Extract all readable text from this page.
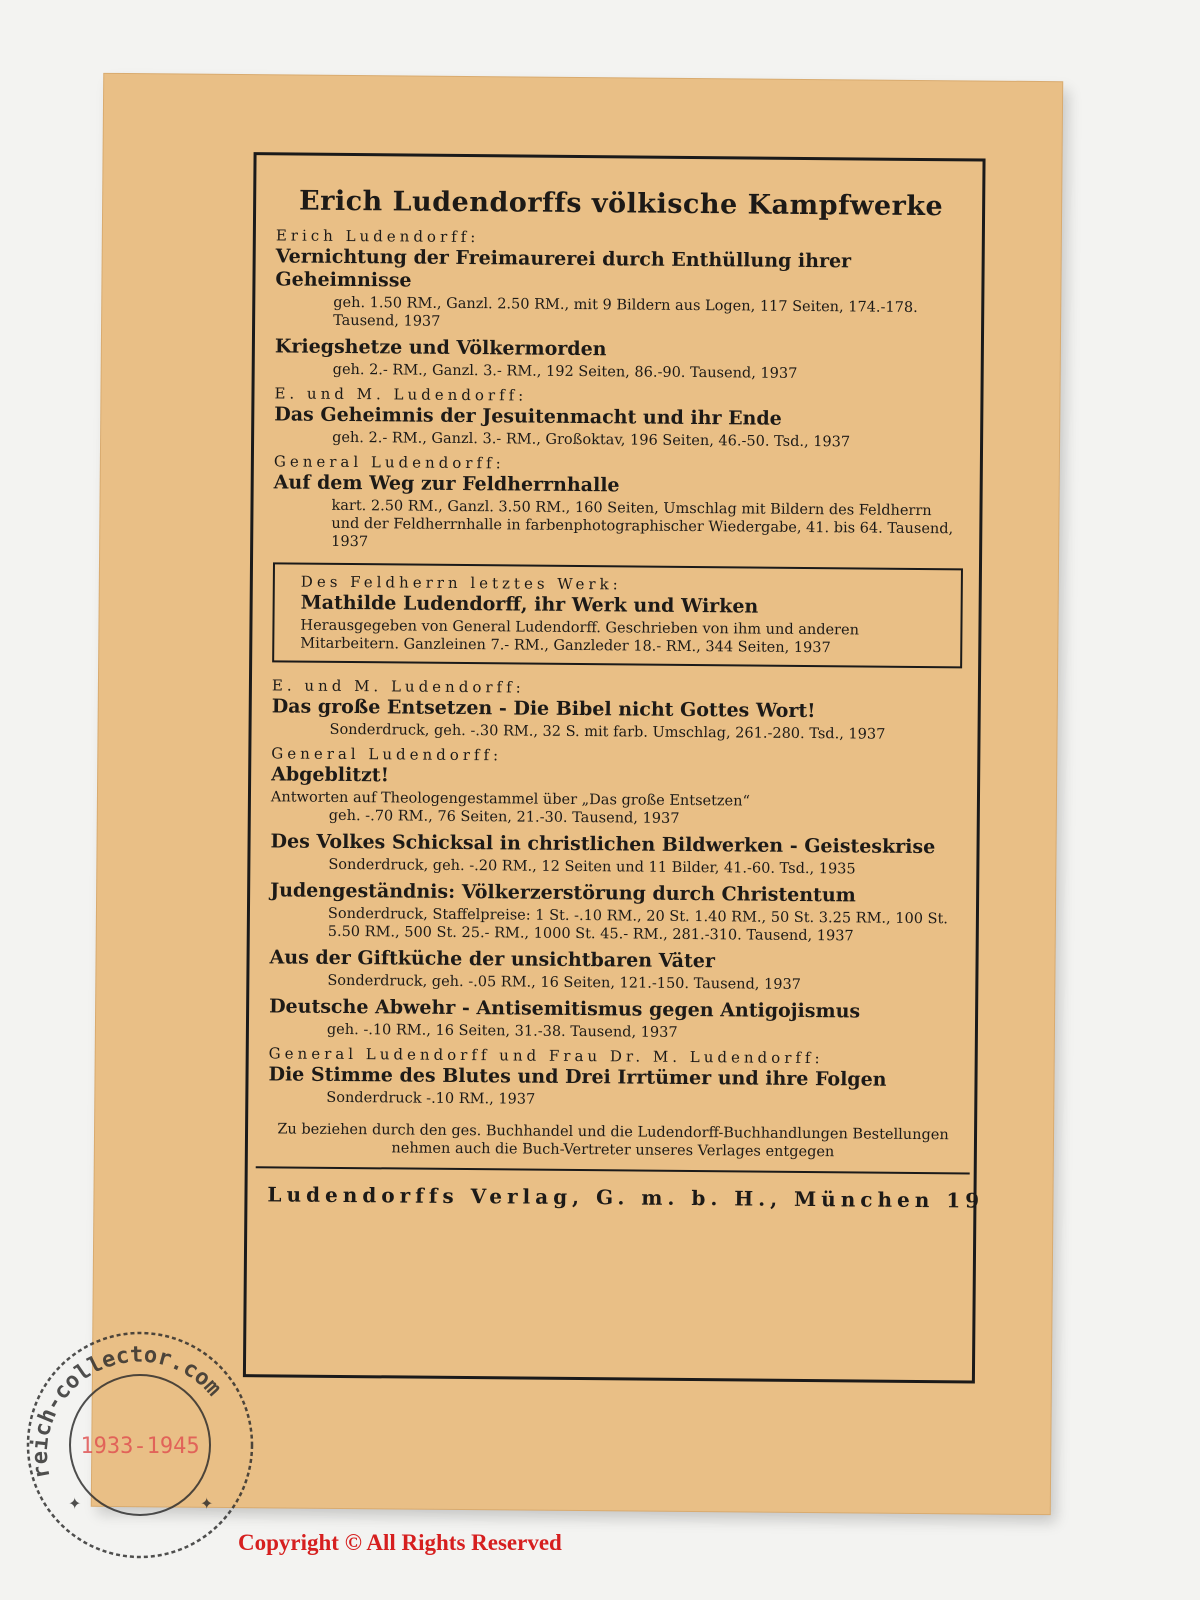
Erich Ludendorffs völkische Kampfwerke
Erich Ludendorff:
Vernichtung der Freimaurerei durch Enthüllung ihrer Geheimnisse
geh. 1.50 RM., Ganzl. 2.50 RM., mit 9 Bildern aus Logen, 117 Seiten, 174.-178. Tausend, 1937
Kriegshetze und Völkermorden
geh. 2.- RM., Ganzl. 3.- RM., 192 Seiten, 86.-90. Tausend, 1937
E. und M. Ludendorff:
Das Geheimnis der Jesuitenmacht und ihr Ende
geh. 2.- RM., Ganzl. 3.- RM., Großoktav, 196 Seiten, 46.-50. Tsd., 1937
General Ludendorff:
Auf dem Weg zur Feldherrnhalle
kart. 2.50 RM., Ganzl. 3.50 RM., 160 Seiten, Umschlag mit Bildern des Feldherrn und der Feldherrnhalle in farbenphotographischer Wiedergabe, 41. bis 64. Tausend, 1937
Des Feldherrn letztes Werk:
Mathilde Ludendorff, ihr Werk und Wirken
Herausgegeben von General Ludendorff. Geschrieben von ihm und anderen Mitarbeitern. Ganzleinen 7.- RM., Ganzleder 18.- RM., 344 Seiten, 1937
E. und M. Ludendorff:
Das große Entsetzen - Die Bibel nicht Gottes Wort!
Sonderdruck, geh. -.30 RM., 32 S. mit farb. Umschlag, 261.-280. Tsd., 1937
General Ludendorff:
Abgeblitzt!
Antworten auf Theologengestammel über „Das große Entsetzen“
geh. -.70 RM., 76 Seiten, 21.-30. Tausend, 1937
Des Volkes Schicksal in christlichen Bildwerken - Geisteskrise
Sonderdruck, geh. -.20 RM., 12 Seiten und 11 Bilder, 41.-60. Tsd., 1935
Judengeständnis: Völkerzerstörung durch Christentum
Sonderdruck, Staffelpreise: 1 St. -.10 RM., 20 St. 1.40 RM., 50 St. 3.25 RM., 100 St. 5.50 RM., 500 St. 25.- RM., 1000 St. 45.- RM., 281.-310. Tausend, 1937
Aus der Giftküche der unsichtbaren Väter
Sonderdruck, geh. -.05 RM., 16 Seiten, 121.-150. Tausend, 1937
Deutsche Abwehr - Antisemitismus gegen Antigojismus
geh. -.10 RM., 16 Seiten, 31.-38. Tausend, 1937
General Ludendorff und Frau Dr. M. Ludendorff:
Die Stimme des Blutes und Drei Irrtümer und ihre Folgen
Sonderdruck -.10 RM., 1937
Zu beziehen durch den ges. Buchhandel und die Ludendorff-Buchhandlungen Bestellungen nehmen auch die Buch-Vertreter unseres Verlages entgegen
Ludendorffs Verlag, G. m. b. H., München 19
reich-collector.com
1933-1945
✦	✦
Copyright © All Rights Reserved
